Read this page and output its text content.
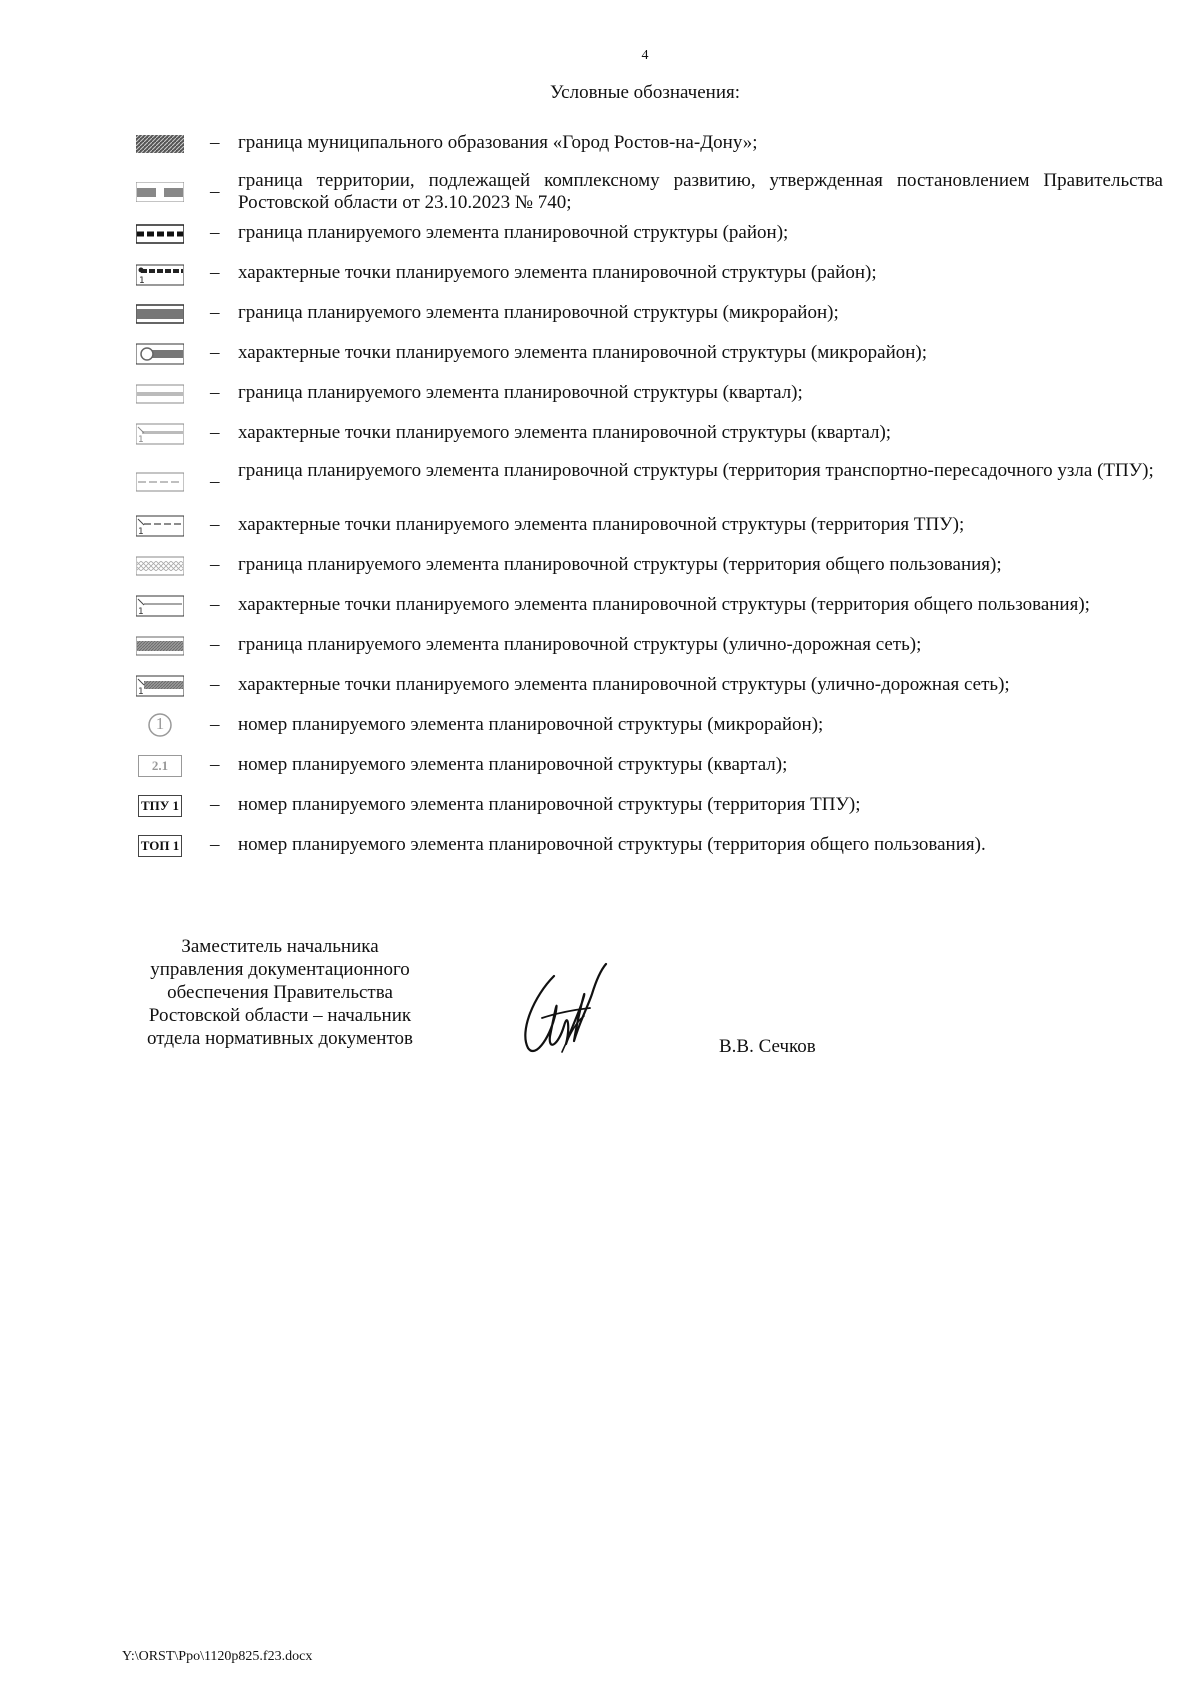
4
Условные обозначения:
– граница муниципального образования «Город Ростов-на-Дону»;
–
граница территории, подлежащей комплексному развитию, утвержденная постановлением Правительства Ростовской области от 23.10.2023 № 740;
– граница планируемого элемента планировочной структуры (район);
1	– характерные точки планируемого элемента планировочной структуры (район);
– граница планируемого элемента планировочной структуры (микрорайон);
– характерные точки планируемого элемента планировочной структуры (микрорайон);
– граница планируемого элемента планировочной структуры (квартал);
1	– характерные точки планируемого элемента планировочной структуры (квартал);
–
граница планируемого элемента планировочной структуры (территория транспортно-пересадочного узла (ТПУ);
1	– характерные точки планируемого элемента планировочной структуры (территория ТПУ);
– граница планируемого элемента планировочной структуры (территория общего пользования);
1	– характерные точки планируемого элемента планировочной структуры (территория общего пользования);
– граница планируемого элемента планировочной структуры (улично-дорожная сеть);
1	– характерные точки планируемого элемента планировочной структуры (улично-дорожная сеть);
1	– номер планируемого элемента планировочной структуры (микрорайон);
2.1	– номер планируемого элемента планировочной структуры (квартал);
ТПУ 1 – номер планируемого элемента планировочной структуры (территория ТПУ);
ТОП 1 – номер планируемого элемента планировочной структуры (территория общего пользования).
Заместитель начальника
управления документационного
обеспечения Правительства
Ростовской области – начальник
отдела нормативных документов	В.В. Сечков
Y:\ORST\Ppo\1120p825.f23.docx
